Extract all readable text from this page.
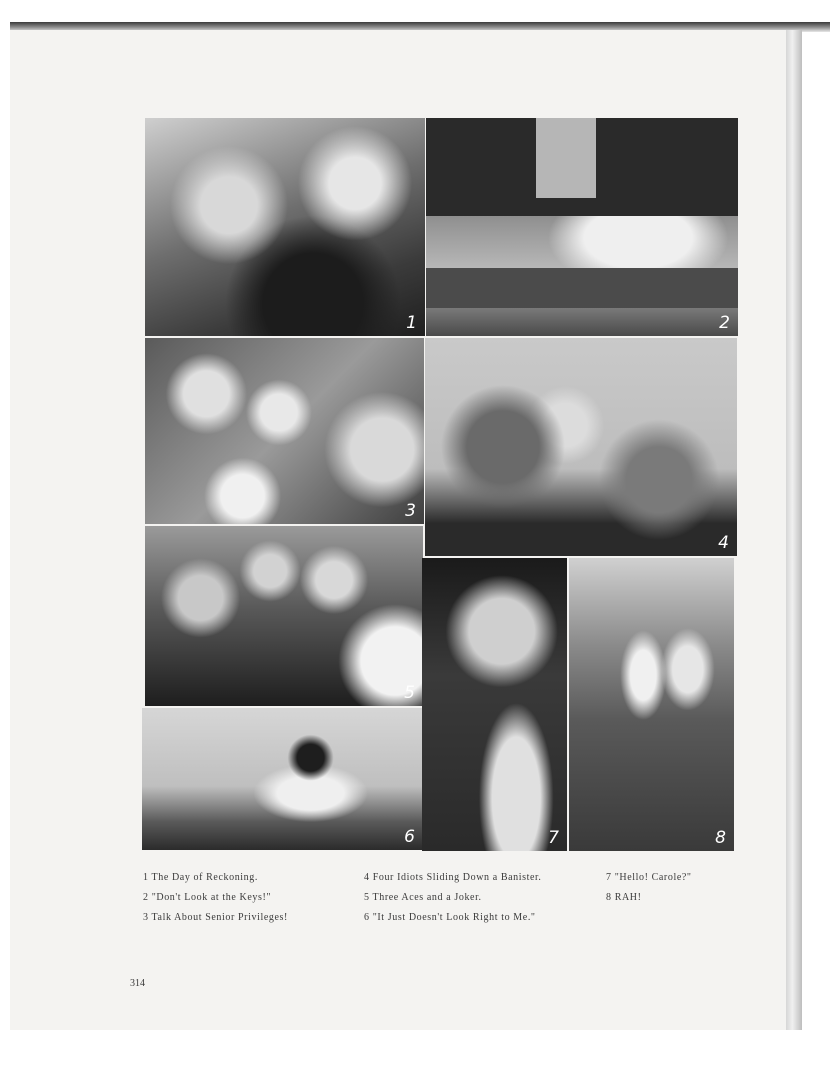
1	2
3
4
5
6	7	8
1 The Day of Reckoning.
2 "Don't Look at the Keys!"
3 Talk About Senior Privileges!
4 Four Idiots Sliding Down a Banister.
5 Three Aces and a Joker.
6 "It Just Doesn't Look Right to Me."
7 "Hello! Carole?"
8 RAH!
314
